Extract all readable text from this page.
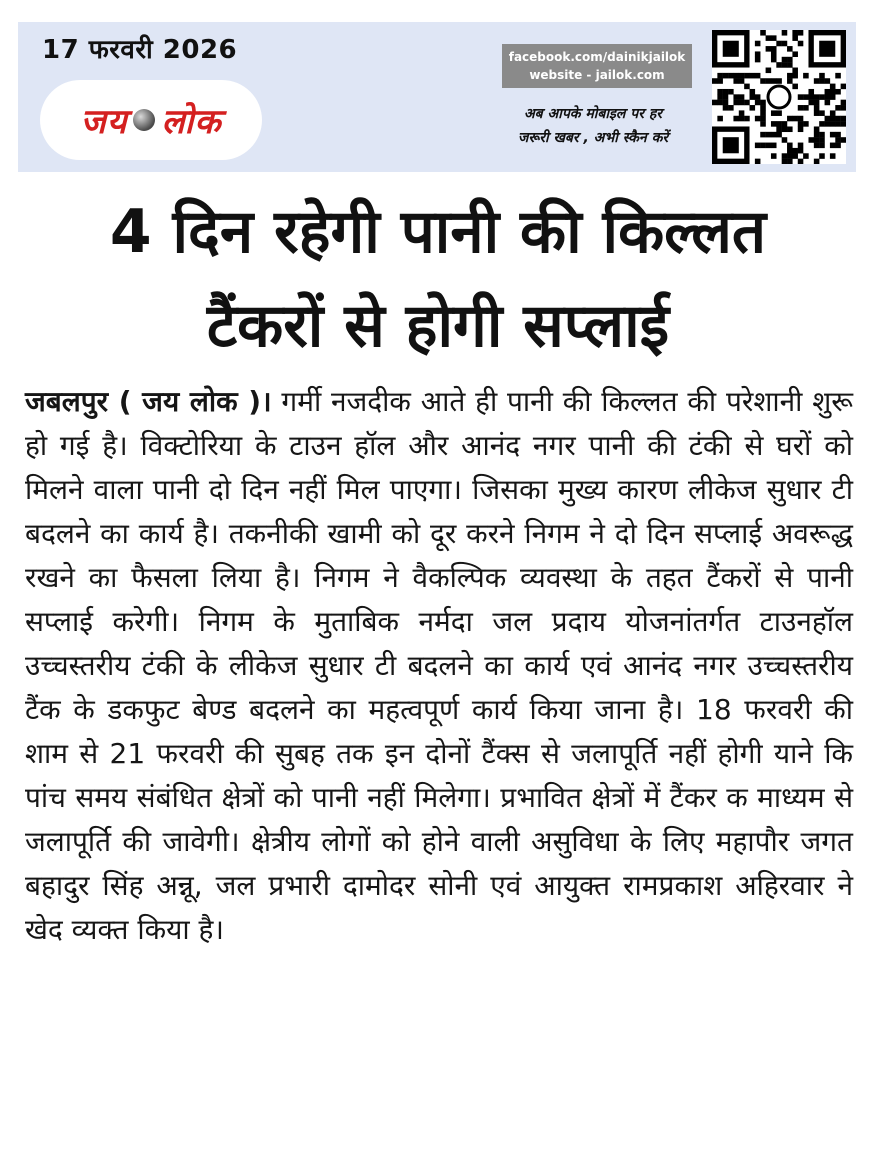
17 फरवरी 2026
जय लोक
facebook.com/dainikjailok
website - jailok.com
अब आपके मोबाइल पर हर
जरूरी खबर , अभी स्कैन करें
4 दिन रहेगी पानी की किल्लत
टैंकरों से होगी सप्लाई
जबलपुर ( जय लोक )। गर्मी नजदीक आते ही पानी की किल्लत की परेशानी शुरू हो गई है। विक्टोरिया के टाउन हॉल और आनंद नगर पानी की टंकी से घरों को मिलने वाला पानी दो दिन नहीं मिल पाएगा। जिसका मुख्य कारण लीकेज सुधार टी बदलने का कार्य है। तकनीकी खामी को दूर करने निगम ने दो दिन सप्लाई अवरूद्ध रखने का फैसला लिया है। निगम ने वैकल्पिक व्यवस्था के तहत टैंकरों से पानी सप्लाई करेगी। निगम के मुताबिक नर्मदा जल प्रदाय योजनांतर्गत टाउनहॉल उच्चस्तरीय टंकी के लीकेज सुधार टी बदलने का कार्य एवं आनंद नगर उच्चस्तरीय टैंक के डकफुट बेण्ड बदलने का महत्वपूर्ण कार्य किया जाना है। 18 फरवरी की शाम से 21 फरवरी की सुबह तक इन दोनों टैंक्स से जलापूर्ति नहीं होगी याने कि पांच समय संबंधित क्षेत्रों को पानी नहीं मिलेगा। प्रभावित क्षेत्रों में टैंकर क माध्यम से जलापूर्ति की जावेगी। क्षेत्रीय लोगों को होने वाली असुविधा के लिए महापौर जगत बहादुर सिंह अन्नू, जल प्रभारी दामोदर सोनी एवं आयुक्त रामप्रकाश अहिरवार ने खेद व्यक्त किया है।
